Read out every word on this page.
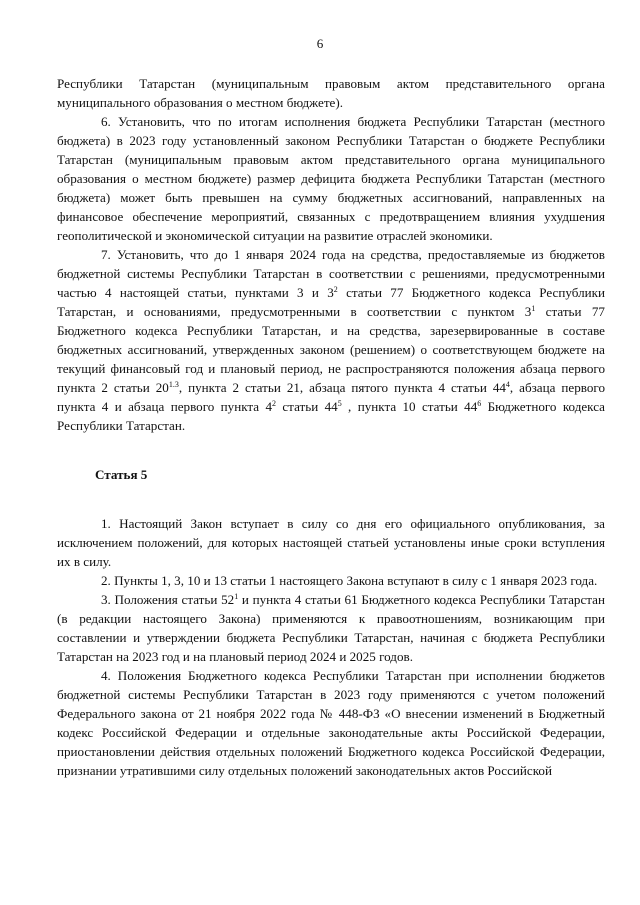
6

Республики Татарстан (муниципальным правовым актом представительного органа муниципального образования о местном бюджете).

6. Установить, что по итогам исполнения бюджета Республики Татарстан (местного бюджета) в 2023 году установленный законом Республики Татарстан о бюджете Республики Татарстан (муниципальным правовым актом представительного органа муниципального образования о местном бюджете) размер дефицита бюджета Республики Татарстан (местного бюджета) может быть превышен на сумму бюджетных ассигнований, направленных на финансовое обеспечение мероприятий, связанных с предотвращением влияния ухудшения геополитической и экономической ситуации на развитие отраслей экономики.

7. Установить, что до 1 января 2024 года на средства, предоставляемые из бюджетов бюджетной системы Республики Татарстан в соответствии с решениями, предусмотренными частью 4 настоящей статьи, пунктами 3 и $3^2$ статьи 77 Бюджетного кодекса Республики Татарстан, и основаниями, предусмотренными в соответствии с пунктом $3^1$ статьи 77 Бюджетного кодекса Республики Татарстан, и на средства, зарезервированные в составе бюджетных ассигнований, утвержденных законом (решением) о соответствующем бюджете на текущий финансовый год и плановый период, не распространяются положения абзаца первого пункта 2 статьи $20^{1.3}$, пункта 2 статьи 21, абзаца пятого пункта 4 статьи $44^4$, абзаца первого пункта 4 и абзаца первого пункта $4^2$ статьи $44^5$ , пункта 10 статьи $44^6$ Бюджетного кодекса Республики Татарстан.

Статья 5

1. Настоящий Закон вступает в силу со дня его официального опубликования, за исключением положений, для которых настоящей статьей установлены иные сроки вступления их в силу.

2. Пункты 1, 3, 10 и 13 статьи 1 настоящего Закона вступают в силу с 1 января 2023 года.

3. Положения статьи $52^1$ и пункта 4 статьи 61 Бюджетного кодекса Республики Татарстан (в редакции настоящего Закона) применяются к правоотношениям, возникающим при составлении и утверждении бюджета Республики Татарстан, начиная с бюджета Республики Татарстан на 2023 год и на плановый период 2024 и 2025 годов.

4. Положения Бюджетного кодекса Республики Татарстан при исполнении бюджетов бюджетной системы Республики Татарстан в 2023 году применяются с учетом положений Федерального закона от 21 ноября 2022 года № 448-ФЗ «О внесении изменений в Бюджетный кодекс Российской Федерации и отдельные законодательные акты Российской Федерации, приостановлении действия отдельных положений Бюджетного кодекса Российской Федерации, признании утратившими силу отдельных положений законодательных актов Российской
